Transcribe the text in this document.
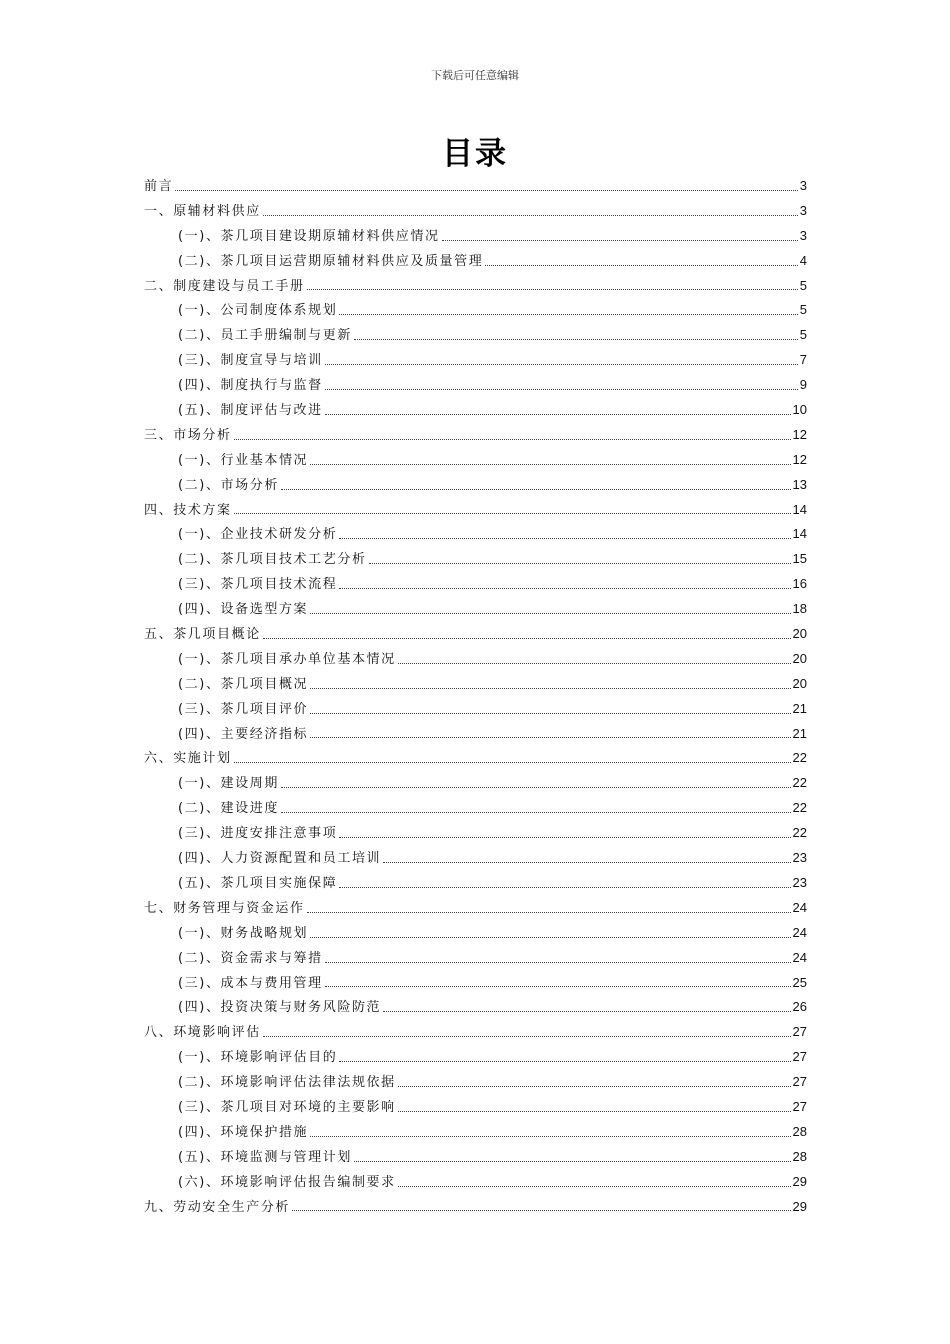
下载后可任意编辑
目录
前言	3
一、原辅材料供应	3
(一)、茶几项目建设期原辅材料供应情况	3
(二)、茶几项目运营期原辅材料供应及质量管理	4
二、制度建设与员工手册	5
(一)、公司制度体系规划	5
(二)、员工手册编制与更新	5
(三)、制度宣导与培训	7
(四)、制度执行与监督	9
(五)、制度评估与改进	10
三、市场分析	12
(一)、行业基本情况	12
(二)、市场分析	13
四、技术方案	14
(一)、企业技术研发分析	14
(二)、茶几项目技术工艺分析	15
(三)、茶几项目技术流程	16
(四)、设备选型方案	18
五、茶几项目概论	20
(一)、茶几项目承办单位基本情况	20
(二)、茶几项目概况	20
(三)、茶几项目评价	21
(四)、主要经济指标	21
六、实施计划	22
(一)、建设周期	22
(二)、建设进度	22
(三)、进度安排注意事项	22
(四)、人力资源配置和员工培训	23
(五)、茶几项目实施保障	23
七、财务管理与资金运作	24
(一)、财务战略规划	24
(二)、资金需求与筹措	24
(三)、成本与费用管理	25
(四)、投资决策与财务风险防范	26
八、环境影响评估	27
(一)、环境影响评估目的	27
(二)、环境影响评估法律法规依据	27
(三)、茶几项目对环境的主要影响	27
(四)、环境保护措施	28
(五)、环境监测与管理计划	28
(六)、环境影响评估报告编制要求	29
九、劳动安全生产分析	29
